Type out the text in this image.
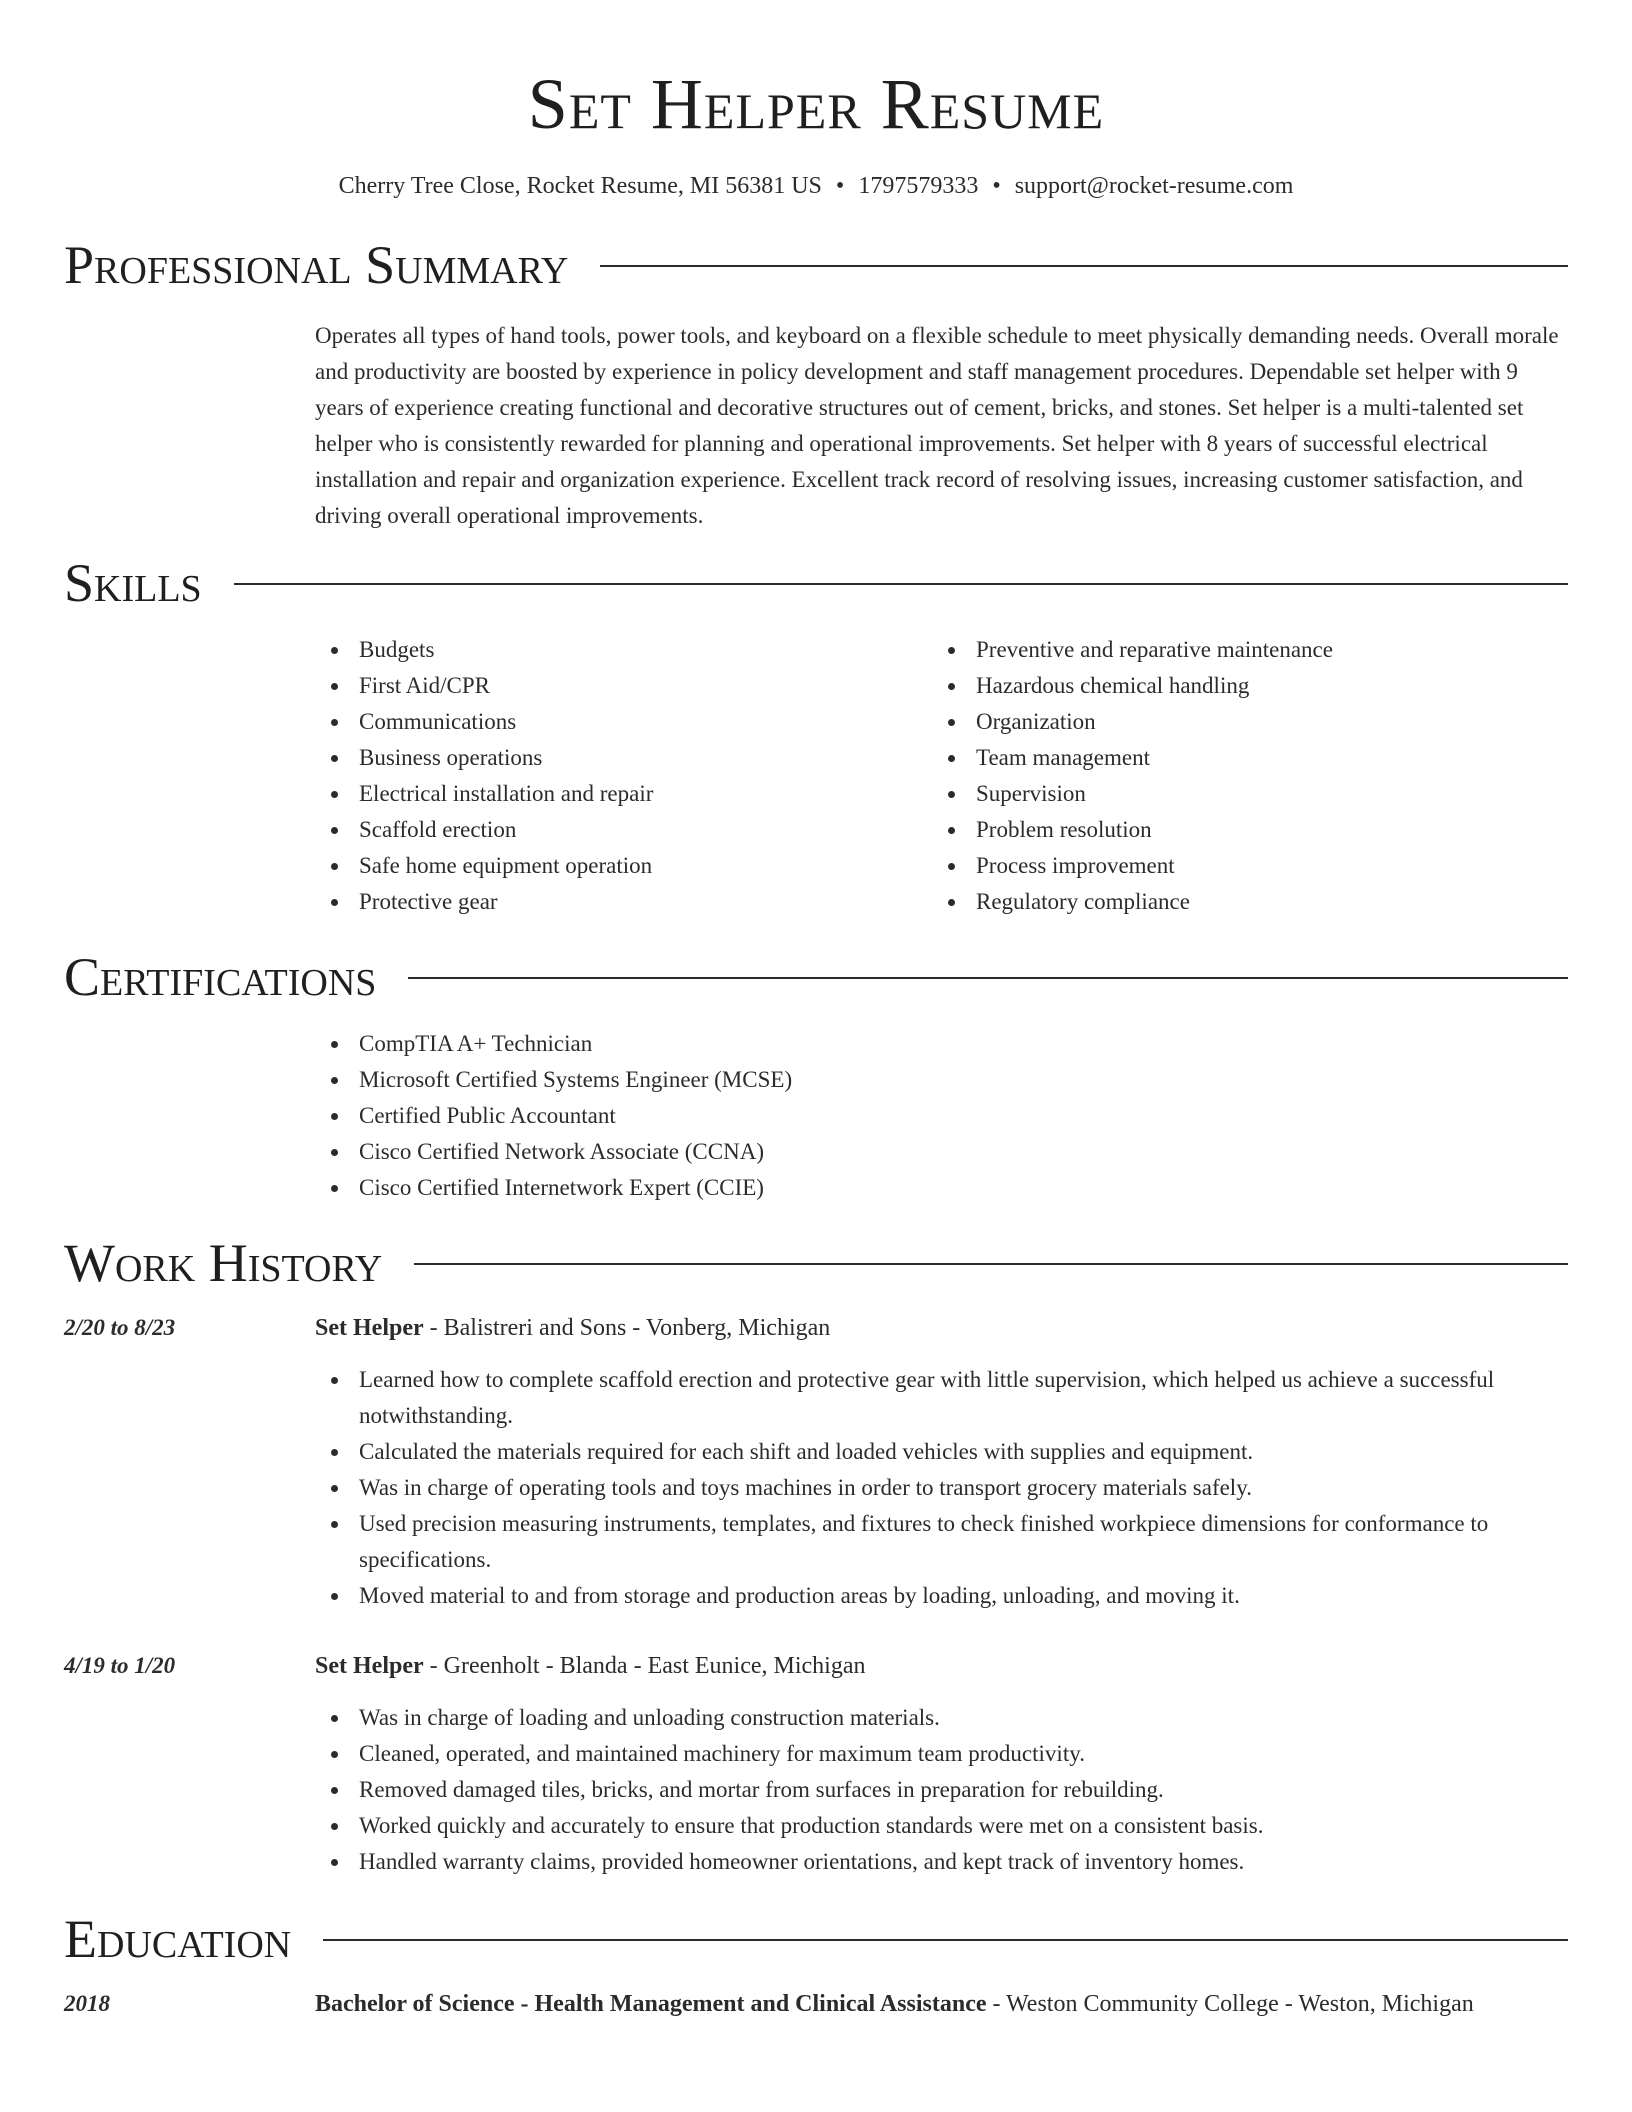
Set Helper Resume
Cherry Tree Close, Rocket Resume, MI 56381 US • 1797579333 • support@rocket-resume.com
Professional Summary
Operates all types of hand tools, power tools, and keyboard on a flexible schedule to meet physically demanding needs. Overall morale and productivity are boosted by experience in policy development and staff management procedures. Dependable set helper with 9 years of experience creating functional and decorative structures out of cement, bricks, and stones. Set helper is a multi-talented set helper who is consistently rewarded for planning and operational improvements. Set helper with 8 years of successful electrical installation and repair and organization experience. Excellent track record of resolving issues, increasing customer satisfaction, and driving overall operational improvements.
Skills
Budgets
First Aid/CPR
Communications
Business operations
Electrical installation and repair
Scaffold erection
Safe home equipment operation
Protective gear
Preventive and reparative maintenance
Hazardous chemical handling
Organization
Team management
Supervision
Problem resolution
Process improvement
Regulatory compliance
Certifications
CompTIA A+ Technician
Microsoft Certified Systems Engineer (MCSE)
Certified Public Accountant
Cisco Certified Network Associate (CCNA)
Cisco Certified Internetwork Expert (CCIE)
Work History
2/20 to 8/23	Set Helper - Balistreri and Sons - Vonberg, Michigan
Learned how to complete scaffold erection and protective gear with little supervision, which helped us achieve a successful notwithstanding.
Calculated the materials required for each shift and loaded vehicles with supplies and equipment.
Was in charge of operating tools and toys machines in order to transport grocery materials safely.
Used precision measuring instruments, templates, and fixtures to check finished workpiece dimensions for conformance to specifications.
Moved material to and from storage and production areas by loading, unloading, and moving it.
4/19 to 1/20	Set Helper - Greenholt - Blanda - East Eunice, Michigan
Was in charge of loading and unloading construction materials.
Cleaned, operated, and maintained machinery for maximum team productivity.
Removed damaged tiles, bricks, and mortar from surfaces in preparation for rebuilding.
Worked quickly and accurately to ensure that production standards were met on a consistent basis.
Handled warranty claims, provided homeowner orientations, and kept track of inventory homes.
Education
2018	Bachelor of Science - Health Management and Clinical Assistance - Weston Community College - Weston, Michigan
